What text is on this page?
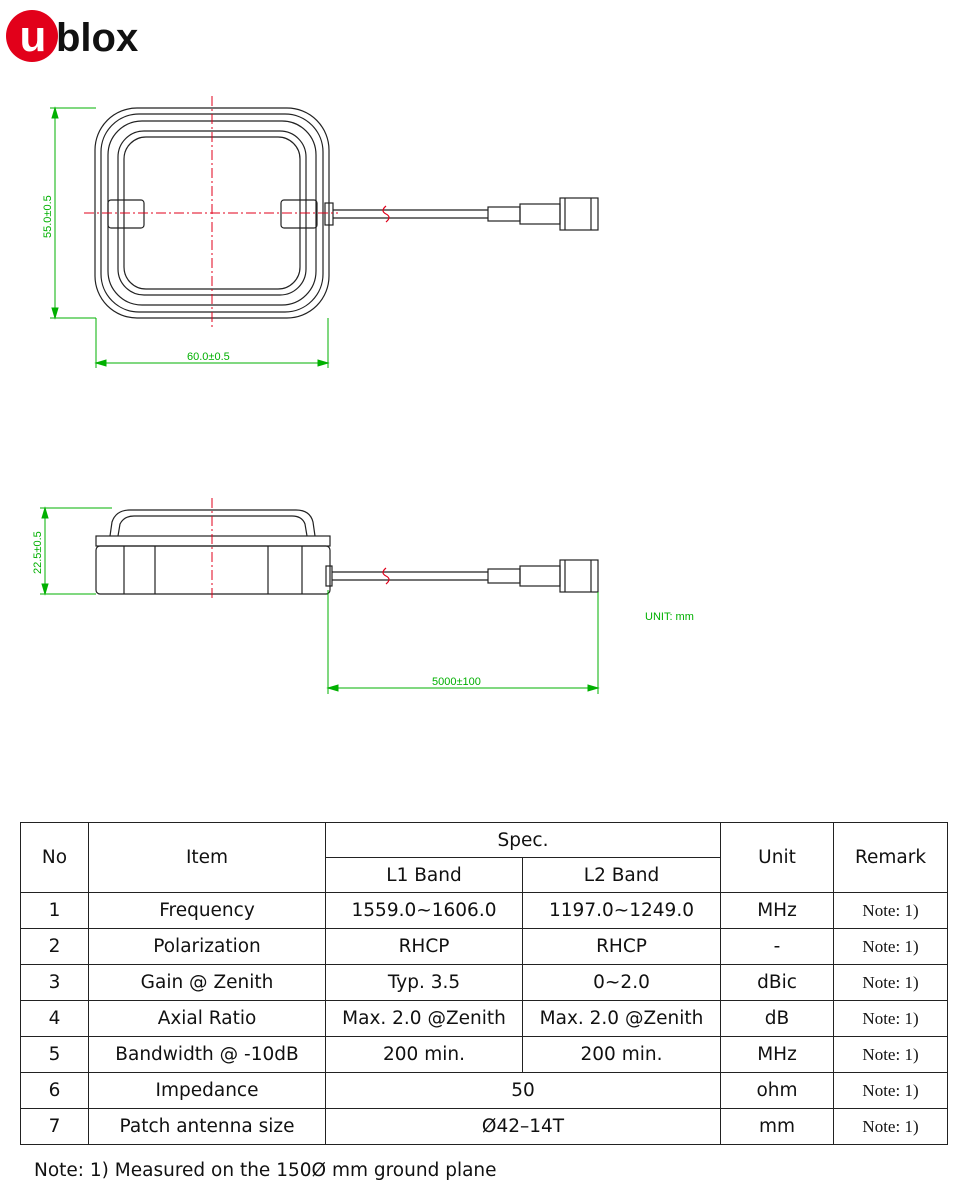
u blox
55.0±0.5
60.0±0.5
22.5±0.5
5000±100
UNIT: mm
No	Item	Spec.		Unit	Remark
		L1 Band	L2 Band		
1	Frequency	1559.0~1606.0	1197.0~1249.0	MHz	Note: 1)
2	Polarization	RHCP	RHCP	-	Note: 1)
3	Gain @ Zenith	Typ. 3.5	0~2.0	dBic	Note: 1)
4	Axial Ratio	Max. 2.0 @Zenith	Max. 2.0 @Zenith	dB	Note: 1)
5	Bandwidth @ -10dB	200 min.	200 min.	MHz	Note: 1)
6	Impedance	50		ohm	Note: 1)
7	Patch antenna size	Ø42–14T		mm	Note: 1)
Note: 1) Measured on the 150Ø mm ground plane
